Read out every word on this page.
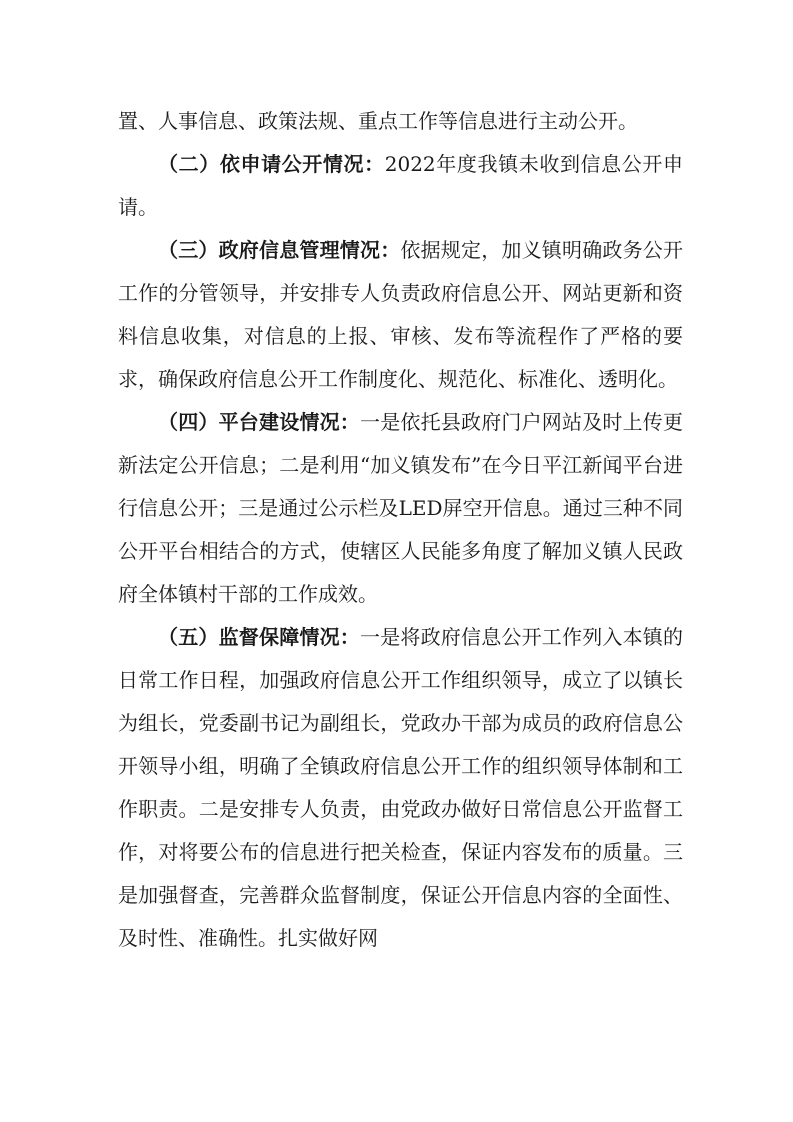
置、人事信息、政策法规、重点工作等信息进行主动公开。

（二）依申请公开情况：2022年度我镇未收到信息公开申请。

（三）政府信息管理情况：依据规定，加义镇明确政务公开工作的分管领导，并安排专人负责政府信息公开、网站更新和资料信息收集，对信息的上报、审核、发布等流程作了严格的要求，确保政府信息公开工作制度化、规范化、标准化、透明化。

（四）平台建设情况：一是依托县政府门户网站及时上传更新法定公开信息；二是利用“加义镇发布”在今日平江新闻平台进行信息公开；三是通过公示栏及LED屏空开信息。通过三种不同公开平台相结合的方式，使辖区人民能多角度了解加义镇人民政府全体镇村干部的工作成效。

（五）监督保障情况：一是将政府信息公开工作列入本镇的日常工作日程，加强政府信息公开工作组织领导，成立了以镇长为组长，党委副书记为副组长，党政办干部为成员的政府信息公开领导小组，明确了全镇政府信息公开工作的组织领导体制和工作职责。二是安排专人负责，由党政办做好日常信息公开监督工作，对将要公布的信息进行把关检查，保证内容发布的质量。三是加强督查，完善群众监督制度，保证公开信息内容的全面性、及时性、准确性。扎实做好网
